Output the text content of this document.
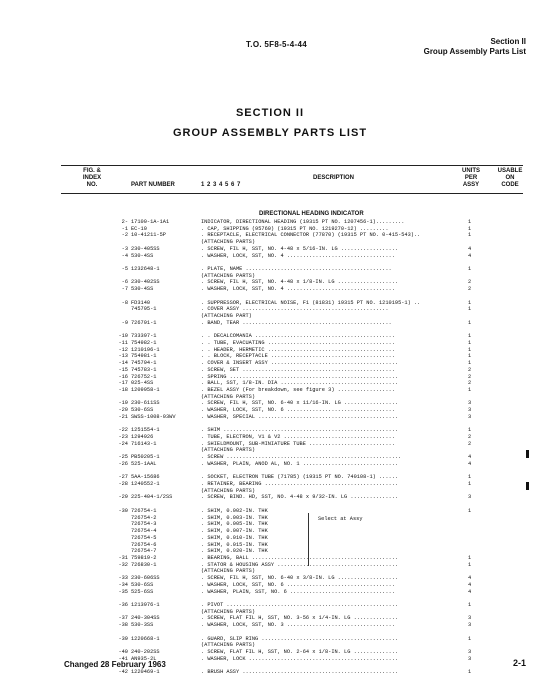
T.O. 5F8-5-4-44	Section II
Group Assembly Parts List
SECTION II
GROUP ASSEMBLY PARTS LIST
FIG. &
INDEX
NO.	PART NUMBER	1 2 3 4 5 6 7
DESCRIPTION
UNITS
PER
ASSY
USABLE
ON
CODE
DIRECTIONAL HEADING INDICATOR
2- 17100-1A-1A1	INDICATOR, DIRECTIONAL HEADING (19315 PT NO. 1207456-1).........	1
-1 EC-10	. CAP, SHIPPING (95760) (19315 PT NO. 1219270-12) .........	1
-2 10-41211-5P	. RECEPTACLE, ELECTRICAL CONNECTOR (77870) (19315 PT NO. 0-415-543)..	1
(ATTACHING PARTS)
-3 230-405SS	. SCREW, FIL H, SST, NO. 4-48 x 5/16-IN. LG ..................	4
-4 530-4SS	. WASHER, LOCK, SST, NO. 4 ..................................	4
-5 1232648-1	. PLATE, NAME ..............................................	1
(ATTACHING PARTS)
-6 230-402SS	. SCREW, FIL H, SST, NO. 4-48 x 1/8-IN. LG ...................	2
-7 530-4SS	. WASHER, LOCK, SST, NO. 4 ..................................	2
-8 FD3140	. SUPPRESSOR, ELECTRICAL NOISE, F1 (81831) 19315 PT NO. 1210195-1) ..	1
745795-1	. COVER ASSY ..............................................	1
(ATTACHING PART)
-9 726791-1	. BAND, TEAR ...............................................	1
-10 733397-1	. . DECALCOMANIA ............................................	1
-11 754982-1	. . TUBE, EVACUATING ........................................	1
-12 1210196-1	. . HEADER, HERMETIC ........................................	1
-13 754981-1	. . BLOCK, RECEPTACLE .......................................	1
-14 745794-1	. COVER & INSERT ASSY ........................................	1
-15 745783-1	. SCREW, SET ................................................	2
-16 726752-1	. SPRING .....................................................	2
-17 025-4SS	. BALL, SST, 1/8-IN. DIA .....................................	2
-18 1209958-1	. BEZEL ASSY (For breakdown, see figure 3) ..................	1
(ATTACHING PARTS)
-19 230-611SS	. SCREW, FIL H, SST, NO. 6-40 x 11/16-IN. LG .................	3
-20 530-6SS	. WASHER, LOCK, SST, NO. 6 ..................................	3
-21 SWSS-1008-03WV	. WASHER, SPECIAL ............................................	3
-22 1251554-1	. SHIM .......................................................	1
-23 1294926	. TUBE, ELECTRON, V1 & V2 ...................................	2
-24 716143-1	. SHIELDMOUNT, SUB-MINIATURE TUBE ...........................	2
(ATTACHING PARTS)
-25 PB50205-1	. SCREW .......................................................	4
-26 525-1AAL	. WASHER, PLAIN, ANOD AL, NO. 1 ..............................	4
-27 5AA-15686	. SOCKET, ELECTRON TUBE (71785) (19315 PT NO. 740108-1) ......	1
-28 1240552-1	. RETAINER, BEARING ..........................................	1
(ATTACHING PARTS)
-29 225-404-1/2SS	. SCREW, BIND. HD, SST, NO. 4-48 x 9/32-IN. LG ...............	3
-30 726754-1	. SHIM, 0.002-IN. THK	1
726754-2	. SHIM, 0.003-IN. THK
726754-3	. SHIM, 0.005-IN. THK
726754-4	. SHIM, 0.007-IN. THK
726754-5	. SHIM, 0.010-IN. THK
726754-6	. SHIM, 0.015-IN. THK
726754-7	. SHIM, 0.020-IN. THK
-31 759819-2	. BEARING, BALL ..............................................	1
-32 726830-1	. STATOR & HOUSING ASSY ......................................	1
(ATTACHING PARTS)
-33 230-606SS	. SCREW, FIL H, SST, NO. 6-40 x 3/8-IN. LG ...................	4
-34 530-6SS	. WASHER, LOCK, SST, NO. 6 ..................................	4
-35 525-6SS	. WASHER, PLAIN, SST, NO. 6 .................................	4
-36 1213976-1	. PIVOT ......................................................	1
(ATTACHING PARTS)
-37 240-304SS	. SCREW, FLAT FIL H, SST, NO. 3-56 x 1/4-IN. LG ..............	3
-38 530-3SS	. WASHER, LOCK, SST, NO. 3 ..................................	3
-39 1220668-1	. GUARD, SLIP RING ...........................................	1
(ATTACHING PARTS)
-40 240-202SS	. SCREW, FLAT FIL H, SST, NO. 2-64 x 1/8-IN. LG ..............	3
-41 AN935-2L	. WASHER, LOCK ...............................................	3
-42 1220469-1	. BRUSH ASSY .................................................	1
Select at Assy
Changed 28 February 1963	2-1
